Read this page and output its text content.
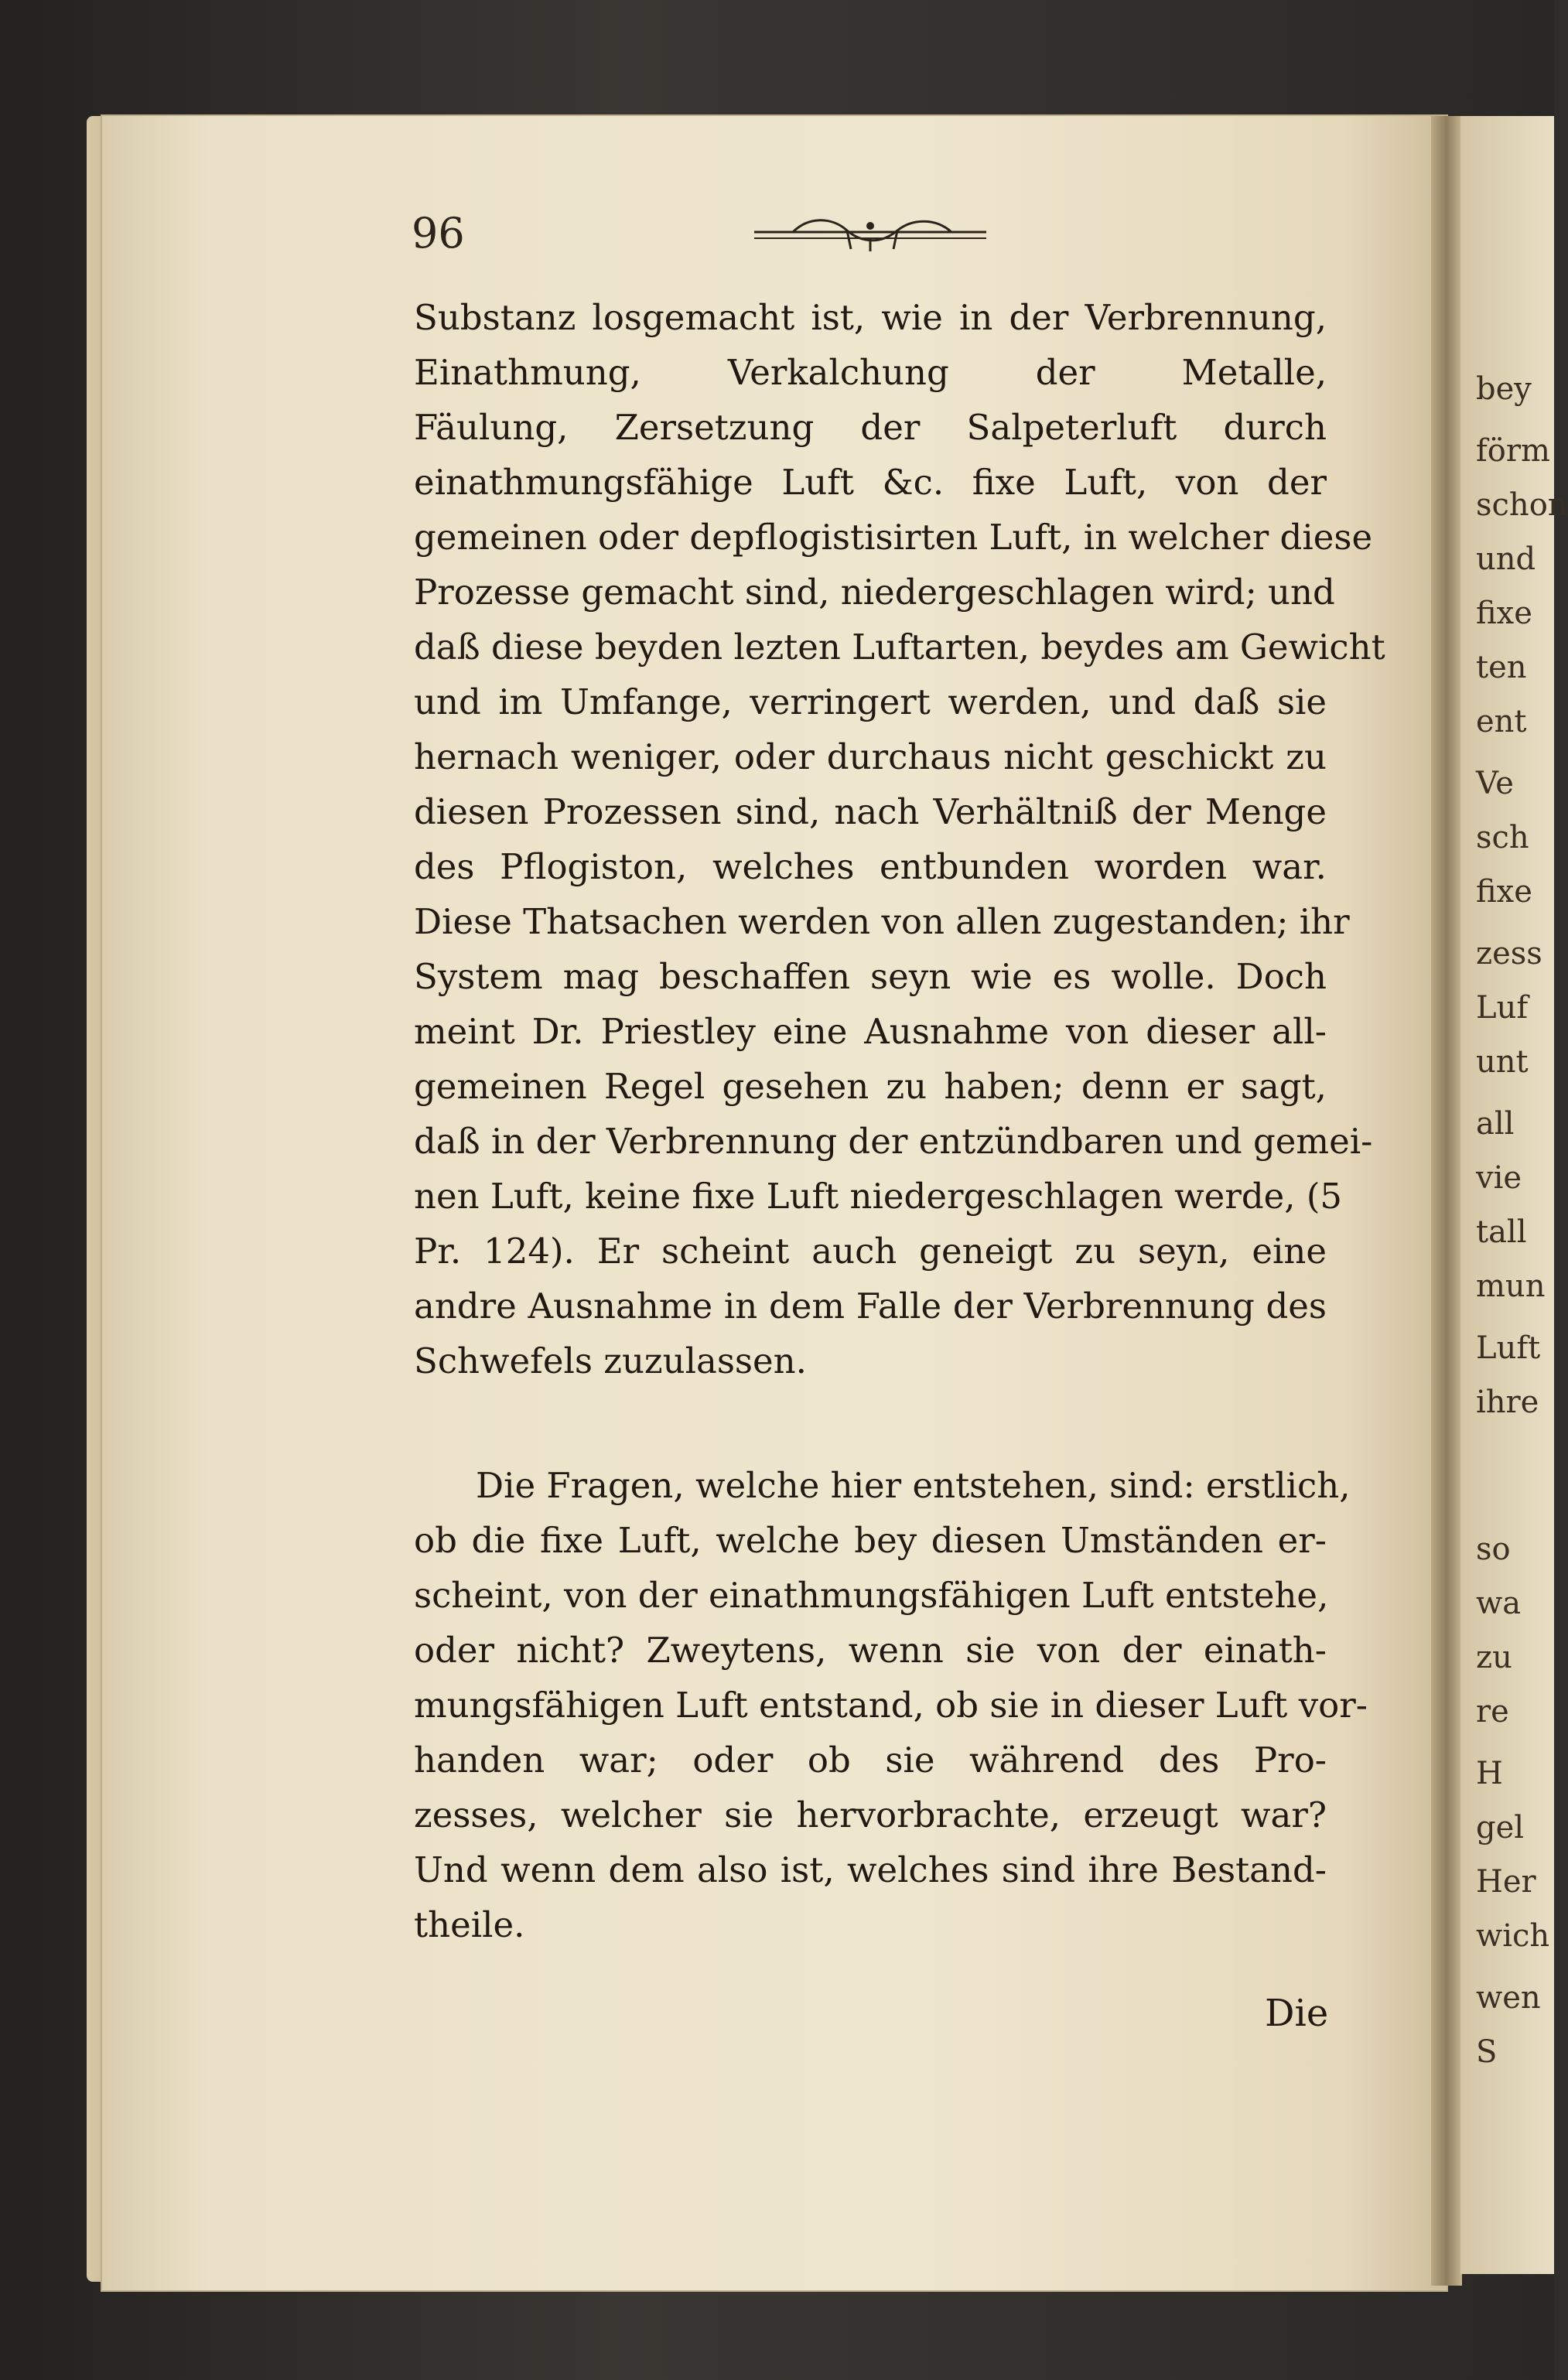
bey
förm
schon
und
fixe
ten
ent
Ve
sch
fixe
zess
Luf
unt
all
vie
tall
mun
Luft
ihre
so
wa
zu
re
H
gel
Her
wich
wen
S
96
Substanz losgemacht ist, wie in der Verbrennung,
Einathmung, Verkalchung der Metalle,
Fäulung, Zersetzung der Salpeterluft durch
einathmungsfähige Luft &c. fixe Luft, von der
gemeinen oder depflogistisirten Luft, in welcher diese
Prozesse gemacht sind, niedergeschlagen wird; und
daß diese beyden lezten Luftarten, beydes am Gewicht
und im Umfange, verringert werden, und daß sie
hernach weniger, oder durchaus nicht geschickt zu
diesen Prozessen sind, nach Verhältniß der Menge
des Pflogiston, welches entbunden worden war.
Diese Thatsachen werden von allen zugestanden; ihr
System mag beschaffen seyn wie es wolle. Doch
meint Dr. Priestley eine Ausnahme von dieser all-
gemeinen Regel gesehen zu haben; denn er sagt,
daß in der Verbrennung der entzündbaren und gemei-
nen Luft, keine fixe Luft niedergeschlagen werde, (5
Pr. 124). Er scheint auch geneigt zu seyn, eine
andre Ausnahme in dem Falle der Verbrennung des
Schwefels zuzulassen.
Die Fragen, welche hier entstehen, sind: erstlich,
ob die fixe Luft, welche bey diesen Umständen er-
scheint, von der einathmungsfähigen Luft entstehe,
oder nicht? Zweytens, wenn sie von der einath-
mungsfähigen Luft entstand, ob sie in dieser Luft vor-
handen war; oder ob sie während des Pro-
zesses, welcher sie hervorbrachte, erzeugt war?
Und wenn dem also ist, welches sind ihre Bestand-
theile.
Die
